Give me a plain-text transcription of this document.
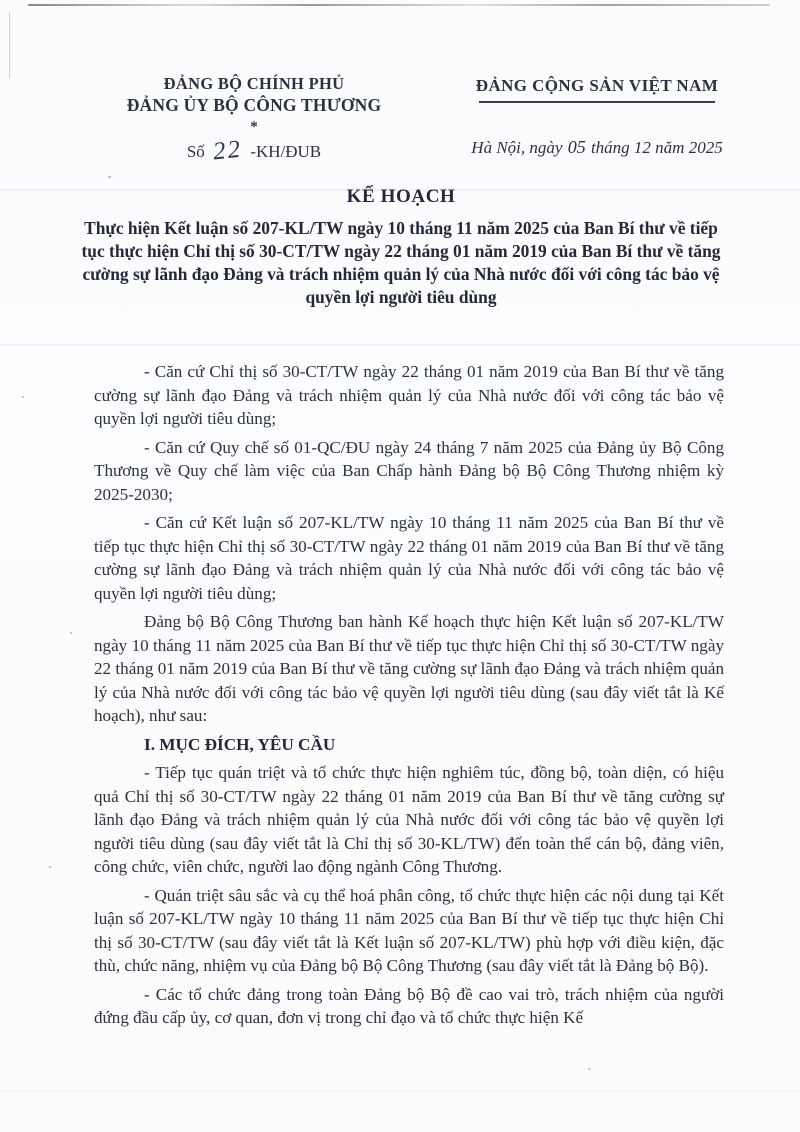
ĐẢNG BỘ CHÍNH PHỦ
ĐẢNG ỦY BỘ CÔNG THƯƠNG
*
Số 22 -KH/ĐUB
ĐẢNG CỘNG SẢN VIỆT NAM
Hà Nội, ngày 05 tháng 12 năm 2025
KẾ HOẠCH

Thực hiện Kết luận số 207-KL/TW ngày 10 tháng 11 năm 2025 của Ban Bí thư về tiếp tục thực hiện Chỉ thị số 30-CT/TW ngày 22 tháng 01 năm 2019 của Ban Bí thư về tăng cường sự lãnh đạo Đảng và trách nhiệm quản lý của Nhà nước đối với công tác bảo vệ quyền lợi người tiêu dùng

- Căn cứ Chỉ thị số 30-CT/TW ngày 22 tháng 01 năm 2019 của Ban Bí thư về tăng cường sự lãnh đạo Đảng và trách nhiệm quản lý của Nhà nước đối với công tác bảo vệ quyền lợi người tiêu dùng;

- Căn cứ Quy chế số 01-QC/ĐU ngày 24 tháng 7 năm 2025 của Đảng ủy Bộ Công Thương về Quy chế làm việc của Ban Chấp hành Đảng bộ Bộ Công Thương nhiệm kỳ 2025-2030;

- Căn cứ Kết luận số 207-KL/TW ngày 10 tháng 11 năm 2025 của Ban Bí thư về tiếp tục thực hiện Chỉ thị số 30-CT/TW ngày 22 tháng 01 năm 2019 của Ban Bí thư về tăng cường sự lãnh đạo Đảng và trách nhiệm quản lý của Nhà nước đối với công tác bảo vệ quyền lợi người tiêu dùng;

Đảng bộ Bộ Công Thương ban hành Kế hoạch thực hiện Kết luận số 207-KL/TW ngày 10 tháng 11 năm 2025 của Ban Bí thư về tiếp tục thực hiện Chỉ thị số 30-CT/TW ngày 22 tháng 01 năm 2019 của Ban Bí thư về tăng cường sự lãnh đạo Đảng và trách nhiệm quản lý của Nhà nước đối với công tác bảo vệ quyền lợi người tiêu dùng (sau đây viết tắt là Kế hoạch), như sau:

I. MỤC ĐÍCH, YÊU CẦU

- Tiếp tục quán triệt và tổ chức thực hiện nghiêm túc, đồng bộ, toàn diện, có hiệu quả Chỉ thị số 30-CT/TW ngày 22 tháng 01 năm 2019 của Ban Bí thư về tăng cường sự lãnh đạo Đảng và trách nhiệm quản lý của Nhà nước đối với công tác bảo vệ quyền lợi người tiêu dùng (sau đây viết tắt là Chỉ thị số 30-KL/TW) đến toàn thể cán bộ, đảng viên, công chức, viên chức, người lao động ngành Công Thương.

- Quán triệt sâu sắc và cụ thể hoá phân công, tổ chức thực hiện các nội dung tại Kết luận số 207-KL/TW ngày 10 tháng 11 năm 2025 của Ban Bí thư về tiếp tục thực hiện Chỉ thị số 30-CT/TW (sau đây viết tắt là Kết luận số 207-KL/TW) phù hợp với điều kiện, đặc thù, chức năng, nhiệm vụ của Đảng bộ Bộ Công Thương (sau đây viết tắt là Đảng bộ Bộ).

- Các tổ chức đảng trong toàn Đảng bộ Bộ đề cao vai trò, trách nhiệm của người đứng đầu cấp ủy, cơ quan, đơn vị trong chỉ đạo và tổ chức thực hiện Kế
